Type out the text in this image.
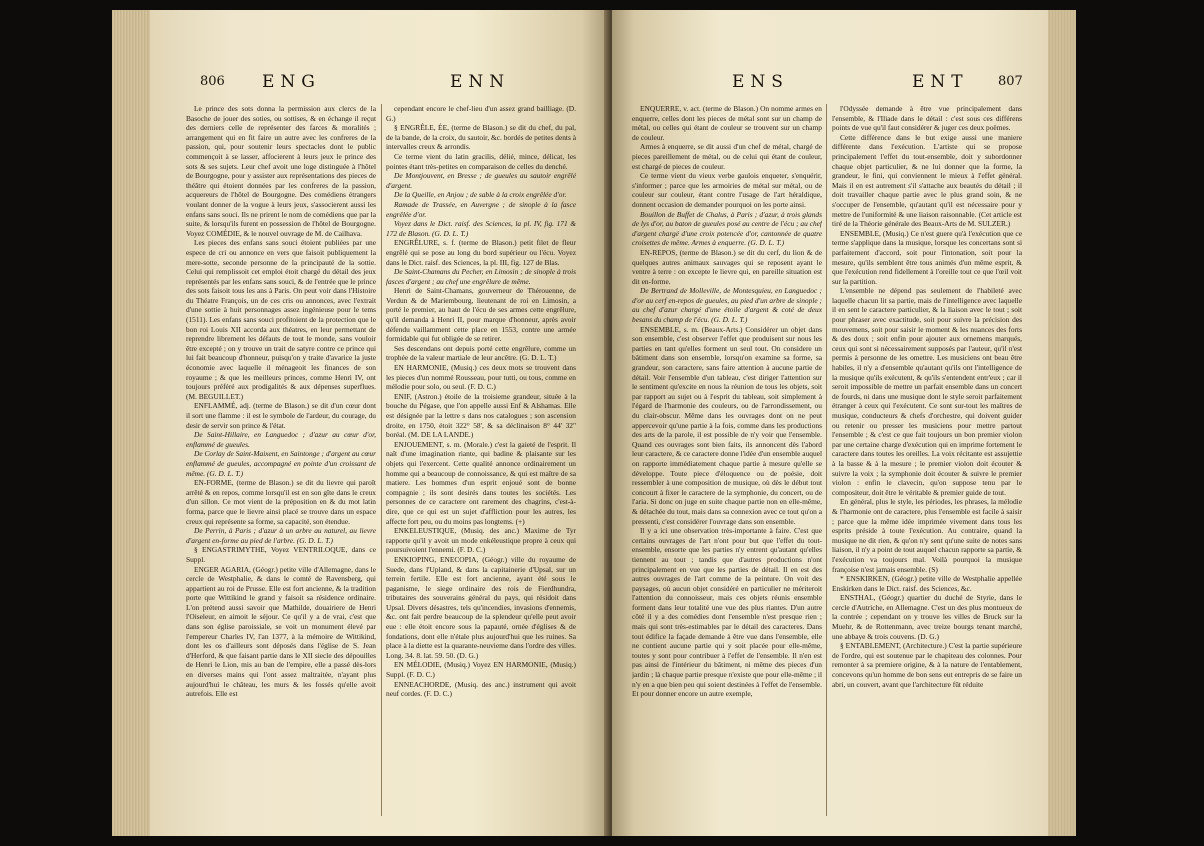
806 ENG	ENN

Le prince des sots donna la permission aux clercs de la Basoche de jouer des soties, ou sottises, & en échange il reçut des derniers celle de représenter des farces & moralités ; arrangement qui en fit faire un autre avec les confreres de la passion, qui, pour soutenir leurs spectacles dont le public commençoit à se lasser, affocierent à leurs jeux le prince des sots & ses sujets. Leur chef avoit une loge distinguée à l'hôtel de Bourgogne, pour y assister aux représentations des pieces de théâtre qui étoient données par les confreres de la passion, acquereurs de l'hôtel de Bourgogne. Des comédiens étrangers voulant donner de la vogue à leurs jeux, s'associerent aussi les enfans sans souci. Ils ne prirent le nom de comédiens que par la suite, & lorsqu'ils furent en possession de l'hôtel de Bourgogne. Voyez COMÉDIE, & le nouvel ouvrage de M. de Cailhava.

Les pieces des enfans sans souci étoient publiées par une espece de cri ou annonce en vers que faisoit publiquement la mere-sotte, seconde personne de la principauté de la sottie. Celui qui remplissoit cet emploi étoit chargé du détail des jeux représentés par les enfans sans souci, & de l'entrée que le prince des sots faisoit tous les ans à Paris. On peut voir dans l'Histoire du Théatre François, un de ces cris ou annonces, avec l'extrait d'une sottie à huit personnages assez ingénieuse pour le tems (1511). Les enfans sans souci profitoient de la protection que le bon roi Louis XII accorda aux théatres, en leur permettant de reprendre librement les défauts de tout le monde, sans vouloir être excepté ; on y trouve un trait de satyre contre ce prince qui lui fait beaucoup d'honneur, puisqu'on y traite d'avarice la juste économie avec laquelle il ménageoit les finances de son royaume ; & que les meilleurs princes, comme Henri IV, ont toujours préféré aux prodigalités & aux dépenses superflues. (M. BEGUILLET.)

ENFLAMMÉ, adj. (terme de Blason.) se dit d'un cœur dont il sort une flamme : il est le symbole de l'ardeur, du courage, du desir de servir son prince & l'état.

De Saint-Hillaire, en Languedoc ; d'azur au cœur d'or, enflammé de gueules.

De Corlay de Saint-Maixent, en Saintonge ; d'argent au cœur enflammé de gueules, accompagné en pointe d'un croissant de même. (G. D. L. T.)

EN-FORME, (terme de Blason.) se dit du lievre qui paroît arrêté & en repos, comme lorsqu'il est en son gîte dans le creux d'un sillon. Ce mot vient de la préposition en & du mot latin forma, parce que le lievre ainsi placé se trouve dans un espace creux qui représente sa forme, sa capacité, son étendue.

De Perrin, à Paris ; d'azur à un arbre au naturel, au lievre d'argent en-forme au pied de l'arbre. (G. D. L. T.)

§ ENGASTRIMYTHE, Voyez VENTRILOQUE, dans ce Suppl.

ENGER AGARIA, (Géogr.) petite ville d'Allemagne, dans le cercle de Westphalie, & dans le comté de Ravensberg, qui appartient au roi de Prusse. Elle est fort ancienne, & la tradition porte que Wittikind le grand y faisoit sa résidence ordinaire. L'on prétend aussi savoir que Mathilde, douairiere de Henri l'Oiseleur, en aimoit le séjour. Ce qu'il y a de vrai, c'est que dans son église paroissiale, se voit un monument élevé par l'empereur Charles IV, l'an 1377, à la mémoire de Wittikind, dont les os d'ailleurs sont déposés dans l'église de S. Jean d'Herford, & que faisant partie dans le XII siecle des dépouilles de Henri le Lion, mis au ban de l'empire, elle a passé dès-lors en diverses mains qui l'ont assez maltraitée, n'ayant plus aujourd'hui le château, les murs & les fossés qu'elle avoit autrefois. Elle est

cependant encore le chef-lieu d'un assez grand bailliage. (D. G.)

§ ENGRÊLE, ÉE, (terme de Blason.) se dit du chef, du pal, de la bande, de la croix, du sautoir, &c. bordés de petites dents à intervalles creux & arrondis.

Ce terme vient du latin gracilis, délié, mince, délicat, les pointes étant très-petites en comparaison de celles du denché.

De Montjouvent, en Bresse ; de gueules au sautoir engrêlé d'argent.

De la Queille, en Anjou ; de sable à la croix engrêlée d'or.

Ramade de Trassée, en Auvergne ; de sinople à la fasce engrêlée d'or.

Voyez dans le Dict. raisf. des Sciences, la pl. IV, fig. 171 & 172 de Blason. (G. D. L. T.)

ENGRÊLURE, s. f. (terme de Blason.) petit filet de fleur engrêlé qui se pose au long du bord supérieur ou l'écu. Voyez dans le Dict. raisf. des Sciences, la pl. III, fig. 127 de Blas.

De Saint-Chamans du Pecher, en Limosin ; de sinople à trois fasces d'argent ; au chef une engrêlure de même.

Henri de Saint-Chamans, gouverneur de Thérouenne, de Verdun & de Mariembourg, lieutenant de roi en Limosin, a porté le premier, au haut de l'écu de ses armes cette engrêlure, qu'il demanda à Henri II, pour marque d'honneur, après avoir défendu vaillamment cette place en 1553, contre une armée formidable qui fut obligée de se retirer.

Ses descendans ont depuis porté cette engrêlure, comme un trophée de la valeur martiale de leur ancêtre. (G. D. L. T.)

EN HARMONIE, (Musiq.) ces deux mots se trouvent dans les pieces d'un nommé Rousseau, pour tutti, ou tous, comme en mélodie pour solo, ou seul. (F. D. C.)

ENIF, (Astron.) étoile de la troisieme grandeur, située à la bouche du Pégase, que l'on appelle aussi Enf & Alshamas. Elle est désignée par la lettre s dans nos catalogues ; son ascension droite, en 1750, étoit 322° 58', & sa déclinaison 8° 44' 32" boréal. (M. DE LA LANDE.)

ENJOUEMENT, s. m. (Morale.) c'est la gaieté de l'esprit. Il naît d'une imagination riante, qui badine & plaisante sur les objets qui l'exercent. Cette qualité annonce ordinairement un homme qui a beaucoup de connoissance, & qui est maître de sa matiere. Les hommes d'un esprit enjoué sont de bonne compagnie ; ils sont desirés dans toutes les sociétés. Les personnes de ce caractere ont rarement des chagrins, c'est-à-dire, que ce qui est un sujet d'affliction pour les autres, les affecte fort peu, ou du moins pas longtems. (+)

ENKELEUSTIQUE, (Musiq. des anc.) Maxime de Tyr rapporte qu'il y avoit un mode enkéleustique propre à ceux qui poursuivoient l'ennemi. (F. D. C.)

ENKIOPING, ENECOPIA, (Géogr.) ville du royaume de Suede, dans l'Upland, & dans la capitainerie d'Upsal, sur un terrein fertile. Elle est fort ancienne, ayant été sous le paganisme, le siege ordinaire des rois de Fierdhundra, tributaires des souverains général du pays, qui résidoit dans Upsal. Divers désastres, tels qu'incendies, invasions d'ennemis, &c. ont fait perdre beaucoup de la splendeur qu'elle peut avoir eue : elle étoit encore sous la papauté, ornée d'églises & de fondations, dont elle n'étale plus aujourd'hui que les ruines. Sa place à la diette est la quarante-neuvieme dans l'ordre des villes. Long. 34. 8. lat. 59. 50. (D. G.)

EN MÉLODIE, (Musiq.) Voyez EN HARMONIE, (Musiq.) Suppl. (F. D. C.)

ENNEACHORDE, (Musiq. des anc.) instrument qui avoit neuf cordes. (F. D. C.)

ENS	ENT 807

ENQUERRE, v. act. (terme de Blason.) On nomme armes en enquerre, celles dont les pieces de métal sont sur un champ de métal, ou celles qui étant de couleur se trouvent sur un champ de couleur.

Armes à enquerre, se dit aussi d'un chef de métal, chargé de pieces pareillement de métal, ou de celui qui étant de couleur, est chargé de pieces de couleur.

Ce terme vient du vieux verbe gaulois enqueter, s'enquérir, s'informer ; parce que les armoiries de métal sur métal, ou de couleur sur couleur, étant contre l'usage de l'art héraldique, donnent occasion de demander pourquoi on les porte ainsi.

Bouillon de Buffet de Chalus, à Paris ; d'azur, à trois glands de lys d'or, au baton de gueules posé au centre de l'écu ; au chef d'argent chargé d'une croix potencée d'or, cantonnée de quatre croisettes de même. Armes à enquerre. (G. D. L. T.)

EN-REPOS, (terme de Blason.) se dit du cerf, du lion & de quelques autres animaux sauvages qui se reposent ayant le ventre à terre : on excepte le lievre qui, en pareille situation est dit en-forme.

De Bertrand de Molleville, de Montesquieu, en Languedoc ; d'or au cerf en-repos de gueules, au pied d'un arbre de sinople ; au chef d'azur chargé d'une étoile d'argent & coté de deux besans du champ de l'écu. (G. D. L. T.)

ENSEMBLE, s. m. (Beaux-Arts.) Considérer un objet dans son ensemble, c'est observer l'effet que produisent sur nous les parties en tant qu'elles forment un seul tout. On considere un bâtiment dans son ensemble, lorsqu'on examine sa forme, sa grandeur, son caractere, sans faire attention à aucune partie de détail. Voir l'ensemble d'un tableau, c'est diriger l'attention sur le sentiment qu'excite en nous la réunion de tous les objets, soit par rapport au sujet ou à l'esprit du tableau, soit simplement à l'égard de l'harmonie des couleurs, ou de l'arrondissement, ou du clair-obscur. Même dans les ouvrages dont on ne peut appercevoir qu'une partie à la fois, comme dans les productions des arts de la parole, il est possible de n'y voir que l'ensemble. Quand ces ouvrages sont bien faits, ils annoncent dès l'abord leur caractere, & ce caractere donne l'idée d'un ensemble auquel on rapporte immédiatement chaque partie à mesure qu'elle se développe. Toute piece d'éloquence ou de poésie, doit ressembler à une composition de musique, où dès le début tout concourt à fixer le caractere de la symphonie, du concert, ou de l'aria. Si donc on juge en suite chaque partie non en elle-même, & détachée du tout, mais dans sa connexion avec ce tout qu'on a pressenti, c'est considérer l'ouvrage dans son ensemble.

Il y a ici une observation très-importante à faire. C'est que certains ouvrages de l'art n'ont pour but que l'effet du tout-ensemble, ensorte que les parties n'y entrent qu'autant qu'elles tiennent au tout ; tandis que d'autres productions n'ont principalement en vue que les parties de détail. Il en est des autres ouvrages de l'art comme de la peinture. On voit des paysages, où aucun objet considéré en particulier ne mériteroit l'attention du connoisseur, mais ces objets réunis ensemble forment dans leur totalité une vue des plus riantes. D'un autre côté il y a des comédies dont l'ensemble n'est presque rien ; mais qui sont très-estimables par le détail des caracteres. Dans tout édifice la façade demande à être vue dans l'ensemble, elle ne contient aucune partie qui y soit placée pour elle-même, toutes y sont pour contribuer à l'effet de l'ensemble. Il n'en est pas ainsi de l'intérieur du bâtiment, ni même des pieces d'un jardin ; là chaque partie presque n'existe que pour elle-même ; il n'y en a que bien peu qui soient destinées à l'effet de l'ensemble. Et pour donner encore un autre exemple,

l'Odyssée demande à être vue principalement dans l'ensemble, & l'Iliade dans le détail : c'est sous ces différens points de vue qu'il faut considérer & juger ces deux poëmes.

Cette différence dans le but exige aussi une maniere différente dans l'exécution. L'artiste qui se propose principalement l'effet du tout-ensemble, doit y subordonner chaque objet particulier, & ne lui donner que la forme, la grandeur, le fini, qui conviennent le mieux à l'effet général. Mais il en est autrement s'il s'attache aux beautés du détail ; il doit travailler chaque partie avec le plus grand soin, & ne s'occuper de l'ensemble, qu'autant qu'il est nécessaire pour y mettre de l'uniformité & une liaison raisonnable. (Cet article est tiré de la Théorie générale des Beaux-Arts de M. SULZER.)

ENSEMBLE, (Musiq.) Ce n'est guere qu'à l'exécution que ce terme s'applique dans la musique, lorsque les concertans sont si parfaitement d'accord, soit pour l'intonation, soit pour la mesure, qu'ils semblent être tous animés d'un même esprit, & que l'exécution rend fidellement à l'oreille tout ce que l'œil voit sur la partition.

L'ensemble ne dépend pas seulement de l'habileté avec laquelle chacun lit sa partie, mais de l'intelligence avec laquelle il en sent le caractere particulier, & la liaison avec le tout ; soit pour phraser avec exactitude, soit pour suivre la précision des mouvemens, soit pour saisir le moment & les nuances des forts & des doux ; soit enfin pour ajouter aux ornemens marqués, ceux qui sont si nécessairement supposés par l'auteur, qu'il n'est permis à personne de les omettre. Les musiciens ont beau être habiles, il n'y a d'ensemble qu'autant qu'ils ont l'intelligence de la musique qu'ils exécutent, & qu'ils s'entendent entr'eux ; car il seroit impossible de mettre un parfait ensemble dans un concert de fourds, ni dans une musique dont le style seroit parfaitement étranger à ceux qui l'exécutent. Ce sont sur-tout les maîtres de musique, conducteurs & chefs d'orchestre, qui doivent guider ou retenir ou presser les musiciens pour mettre partout l'ensemble ; & c'est ce que fait toujours un bon premier violon par une certaine charge d'exécution qui en imprime fortement le caractere dans toutes les oreilles. La voix récitante est assujettie à la basse & à la mesure ; le premier violon doit écouter & suivre la voix ; la symphonie doit écouter & suivre le premier violon : enfin le clavecin, qu'on suppose tenu par le compositeur, doit être le véritable & premier guide de tout.

En général, plus le style, les périodes, les phrases, la mélodie & l'harmonie ont de caractere, plus l'ensemble est facile à saisir ; parce que la même idée imprimée vivement dans tous les esprits préside à toute l'exécution. Au contraire, quand la musique ne dit rien, & qu'on n'y sent qu'une suite de notes sans liaison, il n'y a point de tout auquel chacun rapporte sa partie, & l'exécution va toujours mal. Voilà pourquoi la musique françoise n'est jamais ensemble. (S)

* ENSKIRKEN, (Géogr.) petite ville de Westphalie appellée Enskirken dans le Dict. raisf. des Sciences, &c.

ENSTHAL, (Géogr.) quartier du duché de Styrie, dans le cercle d'Autriche, en Allemagne. C'est un des plus montueux de la contrée ; cependant on y trouve les villes de Bruck sur la Muehr, & de Rottenmann, avec treize bourgs tenant marché, une abbaye & trois couvens. (D. G.)

§ ENTABLEMENT, (Architecture.) C'est la partie supérieure de l'ordre, qui est soutenue par le chapiteau des colonnes. Pour remonter à sa premiere origine, & à la nature de l'entablement, concevons qu'un homme de bon sens eut entrepris de se faire un abri, un couvert, avant que l'architecture fût réduite
